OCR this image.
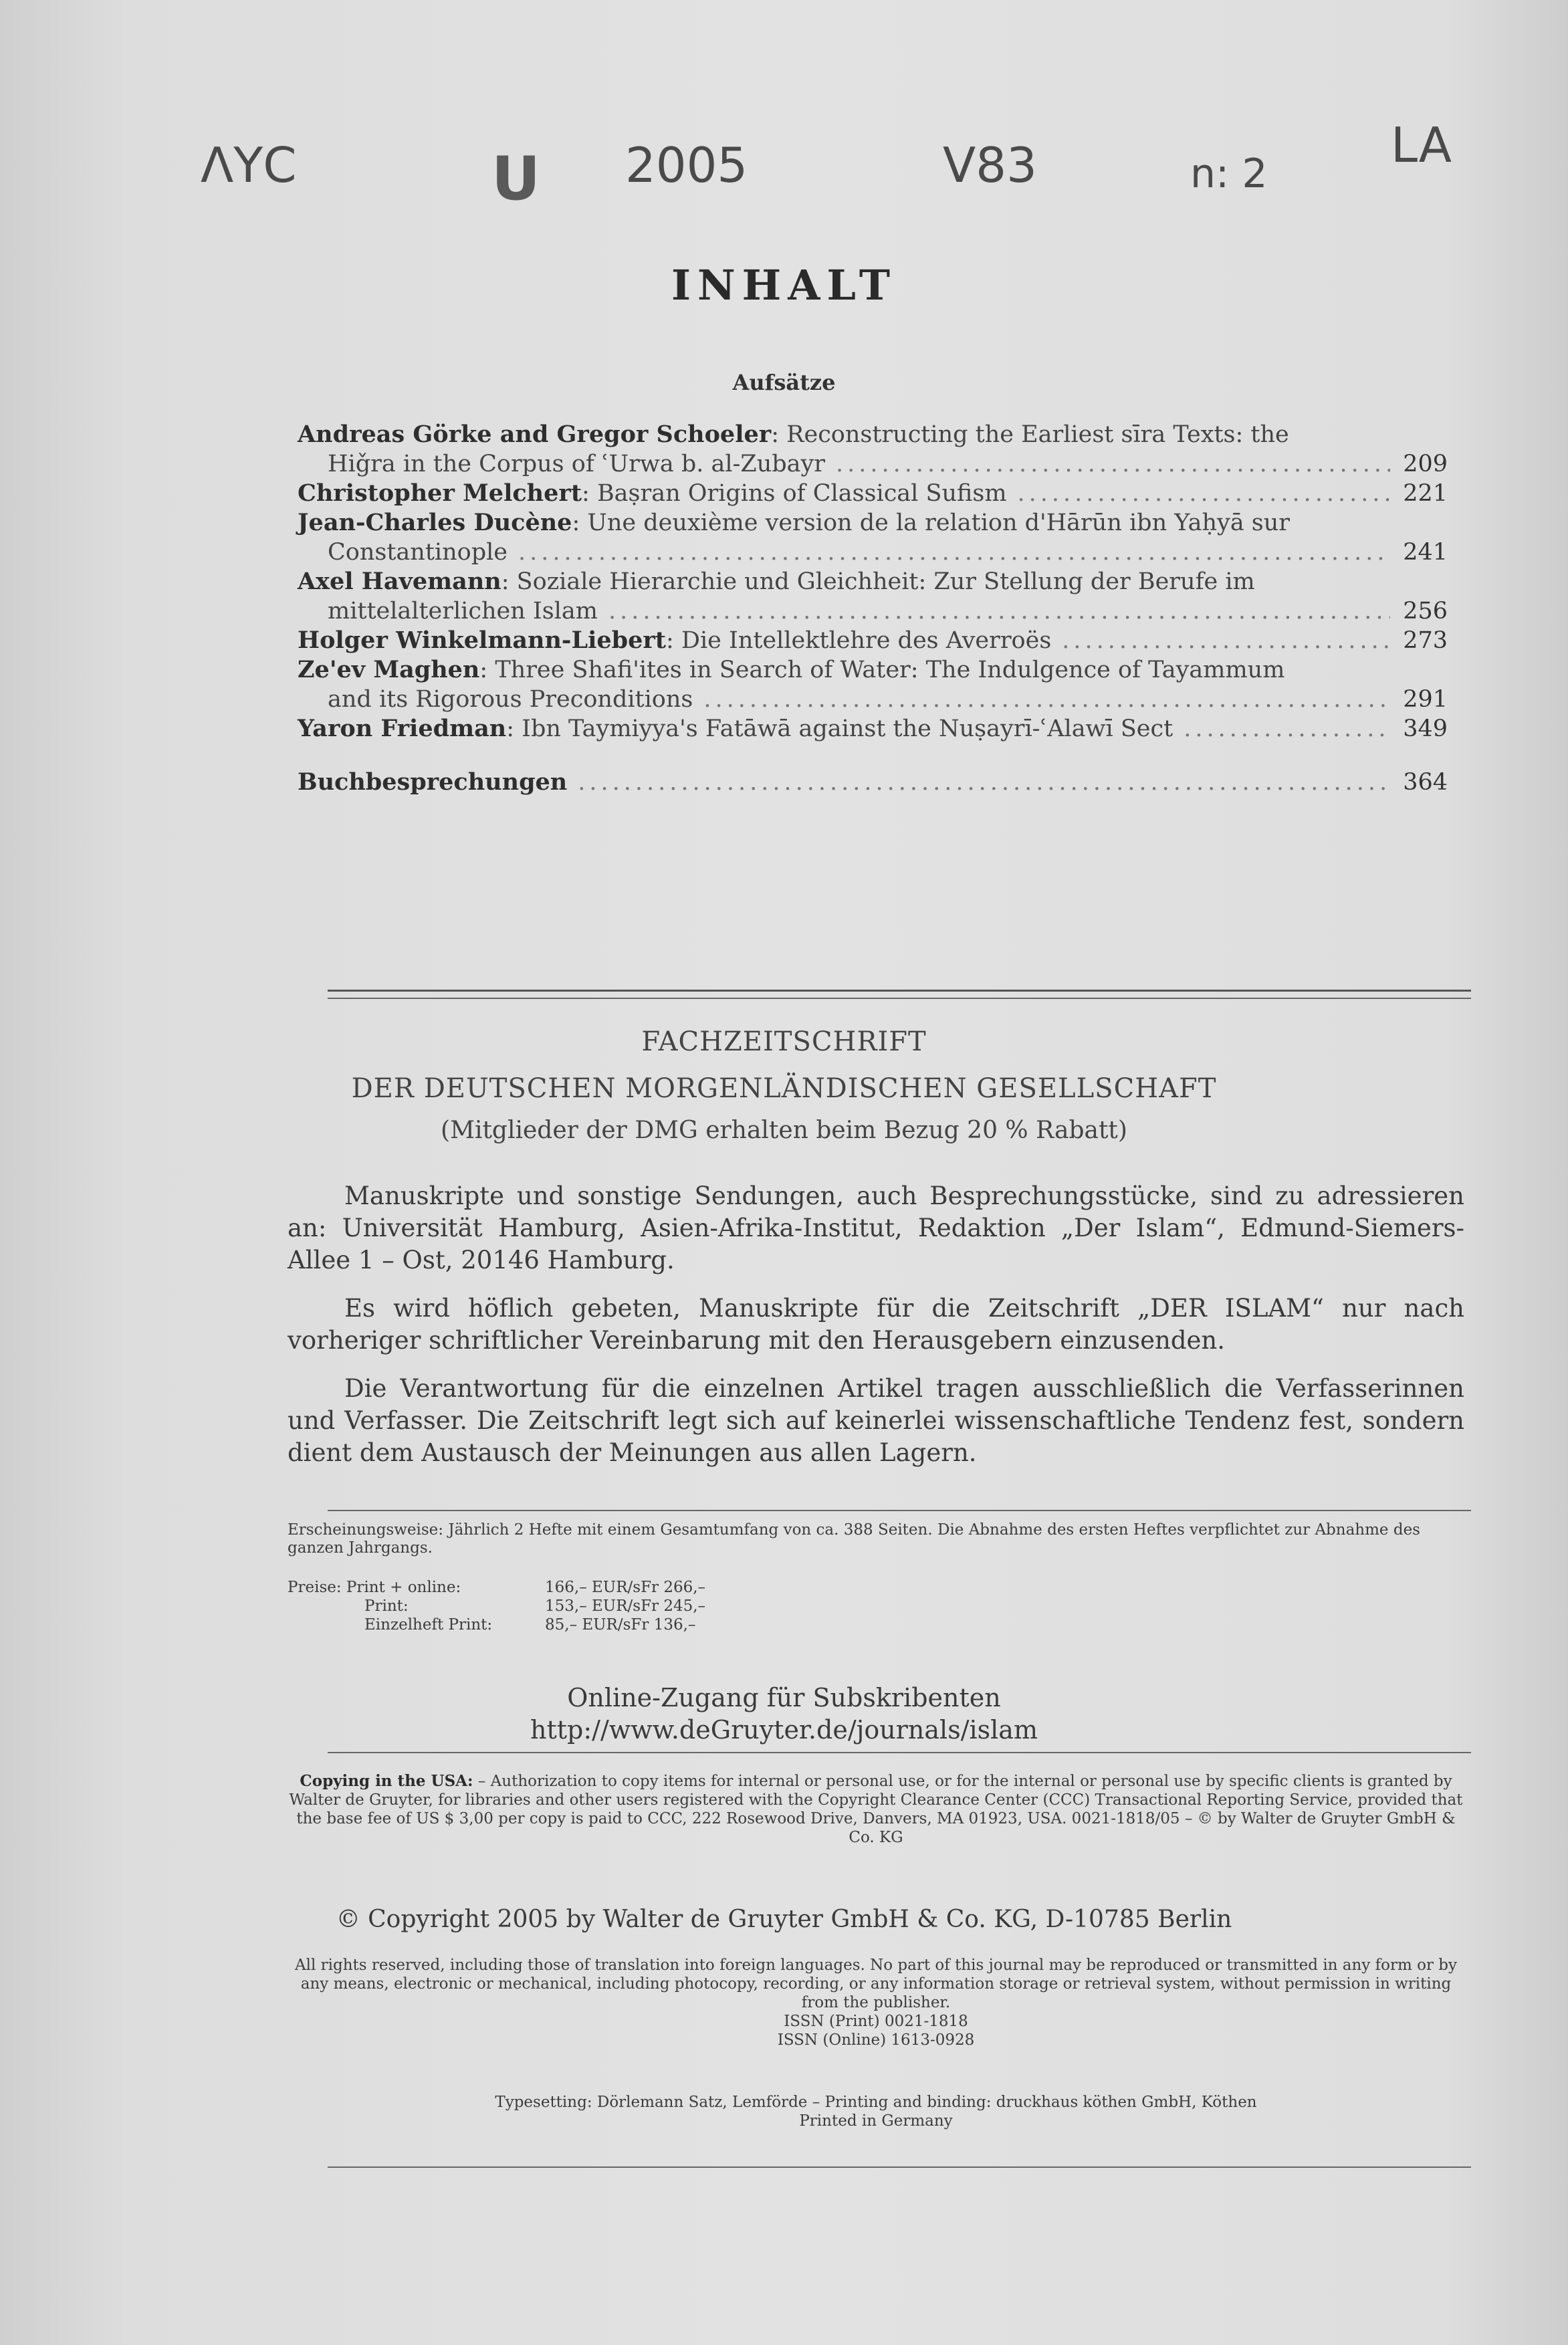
ΛΥC	U 2005	V83	n: 2
LA
INHALT
Aufsätze
Andreas Görke and Gregor Schoeler: Reconstructing the Earliest sīra Texts: the
Hiǧra in the Corpus of ʿUrwa b. al-Zubayr .....	209
Christopher Melchert: Baṣran Origins of Classical Sufism .....	221
Jean-Charles Ducène: Une deuxième version de la relation d'Hārūn ibn Yaḥyā sur
Constantinople .....	241
Axel Havemann: Soziale Hierarchie und Gleichheit: Zur Stellung der Berufe im
mittelalterlichen Islam .....	256
Holger Winkelmann-Liebert: Die Intellektlehre des Averroës .....	273
Ze'ev Maghen: Three Shafi'ites in Search of Water: The Indulgence of Tayammum
and its Rigorous Preconditions .....	291
Yaron Friedman: Ibn Taymiyya's Fatāwā against the Nuṣayrī-ʿAlawī Sect .....	349
Buchbesprechungen .....	364
FACHZEITSCHRIFT
DER DEUTSCHEN MORGENLÄNDISCHEN GESELLSCHAFT
(Mitglieder der DMG erhalten beim Bezug 20 % Rabatt)

Manuskripte und sonstige Sendungen, auch Besprechungsstücke, sind zu adressieren an: Universität Hamburg, Asien-Afrika-Institut, Redaktion „Der Islam“, Edmund-Siemers-Allee 1 – Ost, 20146 Hamburg.

Es wird höflich gebeten, Manuskripte für die Zeitschrift „DER ISLAM“ nur nach vorheriger schriftlicher Vereinbarung mit den Herausgebern einzusenden.

Die Verantwortung für die einzelnen Artikel tragen ausschließlich die Verfasserinnen und Verfasser. Die Zeitschrift legt sich auf keinerlei wissenschaftliche Tendenz fest, sondern dient dem Austausch der Meinungen aus allen Lagern.

Erscheinungsweise: Jährlich 2 Hefte mit einem Gesamtumfang von ca. 388 Seiten. Die Abnahme des ersten Heftes verpflichtet zur Abnahme des ganzen Jahrgangs.
Preise: Print + online:	166,– EUR/sFr 266,–
Print:	153,– EUR/sFr 245,–
Einzelheft Print:	85,– EUR/sFr 136,–
Online-Zugang für Subskribenten
http://www.deGruyter.de/journals/islam
Copying in the USA: – Authorization to copy items for internal or personal use, or for the internal or personal use by specific clients is granted by Walter de Gruyter, for libraries and other users registered with the Copyright Clearance Center (CCC) Transactional Reporting Service, provided that the base fee of US $ 3,00 per copy is paid to CCC, 222 Rosewood Drive, Danvers, MA 01923, USA. 0021-1818/05 – © by Walter de Gruyter GmbH & Co. KG
© Copyright 2005 by Walter de Gruyter GmbH & Co. KG, D-10785 Berlin
All rights reserved, including those of translation into foreign languages. No part of this journal may be reproduced or transmitted in any form or by any means, electronic or mechanical, including photocopy, recording, or any information storage or retrieval system, without permission in writing from the publisher.
ISSN (Print) 0021-1818
ISSN (Online) 1613-0928
Typesetting: Dörlemann Satz, Lemförde – Printing and binding: druckhaus köthen GmbH, Köthen
Printed in Germany
